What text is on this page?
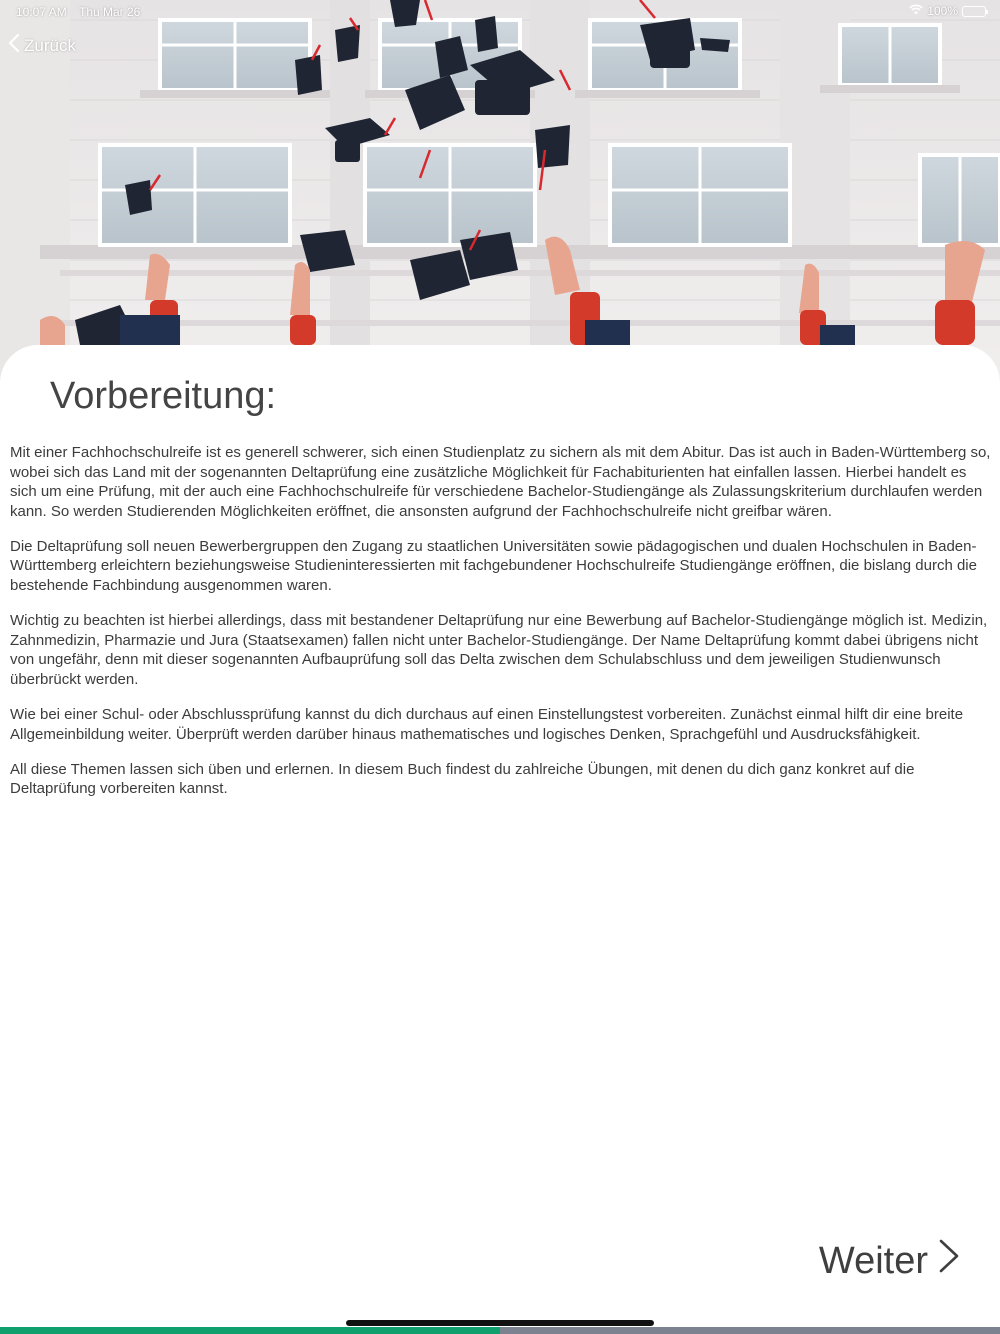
10:07 AM Thu Mar 26	100%
Zurück
Vorbereitung:

Mit einer Fachhochschulreife ist es generell schwerer, sich einen Studienplatz zu sichern als mit dem Abitur. Das ist auch in Baden-Württemberg so, wobei sich das Land mit der sogenannten Deltaprüfung eine zusätzliche Möglichkeit für Fachabiturienten hat einfallen lassen. Hierbei handelt es sich um eine Prüfung, mit der auch eine Fachhochschulreife für verschiedene Bachelor-Studiengänge als Zulassungskriterium durchlaufen werden kann. So werden Studierenden Möglichkeiten eröffnet, die ansonsten aufgrund der Fachhochschulreife nicht greifbar wären.

Die Deltaprüfung soll neuen Bewerbergruppen den Zugang zu staatlichen Universitäten sowie pädagogischen und dualen Hochschulen in Baden-Württemberg erleichtern beziehungsweise Studieninteressierten mit fachgebundener Hochschulreife Studiengänge eröffnen, die bislang durch die bestehende Fachbindung ausgenommen waren.

Wichtig zu beachten ist hierbei allerdings, dass mit bestandener Deltaprüfung nur eine Bewerbung auf Bachelor-Studiengänge möglich ist. Medizin, Zahnmedizin, Pharmazie und Jura (Staatsexamen) fallen nicht unter Bachelor-Studiengänge. Der Name Deltaprüfung kommt dabei übrigens nicht von ungefähr, denn mit dieser sogenannten Aufbauprüfung soll das Delta zwischen dem Schulabschluss und dem jeweiligen Studienwunsch überbrückt werden.

Wie bei einer Schul- oder Abschlussprüfung kannst du dich durchaus auf einen Einstellungstest vorbereiten. Zunächst einmal hilft dir eine breite Allgemeinbildung weiter. Überprüft werden darüber hinaus mathematisches und logisches Denken, Sprachgefühl und Ausdrucksfähigkeit.

All diese Themen lassen sich üben und erlernen. In diesem Buch findest du zahlreiche Übungen, mit denen du dich ganz konkret auf die Deltaprüfung vorbereiten kannst.

Weiter
